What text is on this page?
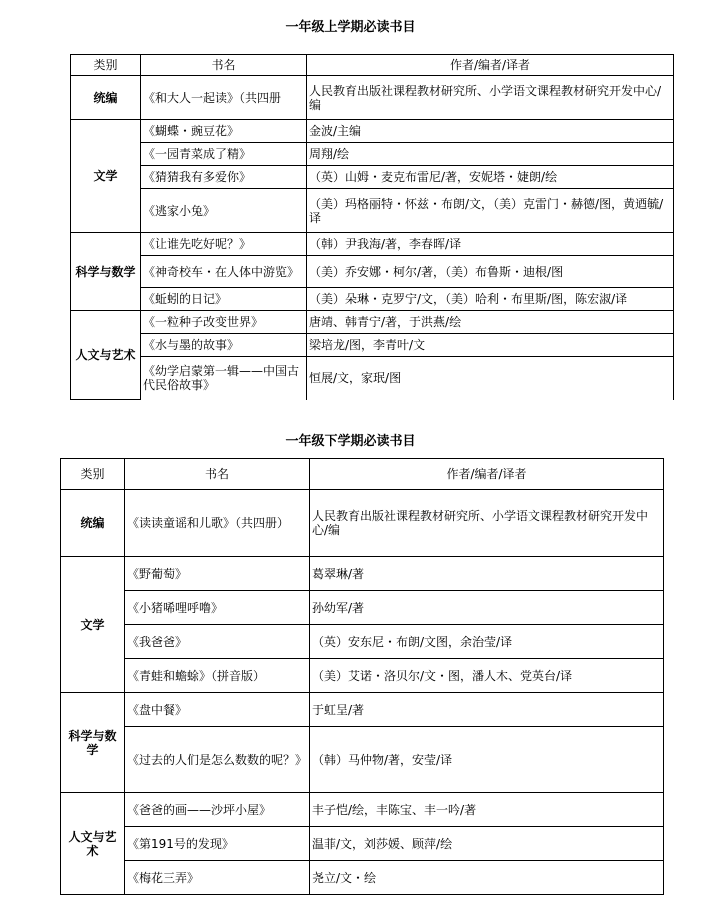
一年级上学期必读书目
类别	书名	作者/编者/译者
统编	《和大人一起读》（共四册	人民教育出版社课程教材研究所、小学语文课程教材研究开发中心/编
文学	《蝴蝶・豌豆花》	金波/主编
	《一园青菜成了精》	周翔/绘
	《猜猜我有多爱你》	（英）山姆・麦克布雷尼/著，安妮塔・婕朗/绘
	《逃家小兔》	（美）玛格丽特・怀兹・布朗/文，（美）克雷门・赫德/图，黄迺毓/译
科学与数学	《让谁先吃好呢？》	（韩）尹我海/著，李春晖/译
	《神奇校车・在人体中游览》	（美）乔安娜・柯尔/著，（美）布鲁斯・迪根/图
	《蚯蚓的日记》	（美）朵琳・克罗宁/文，（美）哈利・布里斯/图，陈宏淑/译
人文与艺术	《一粒种子改变世界》	唐靖、韩青宁/著，于洪燕/绘
	《水与墨的故事》	梁培龙/图，李青叶/文
	《幼学启蒙第一辑——中国古代民俗故事》	恒展/文，家珉/图
一年级下学期必读书目
类别	书名	作者/编者/译者
统编	《读读童谣和儿歌》（共四册）	人民教育出版社课程教材研究所、小学语文课程教材研究开发中心/编
文学	《野葡萄》	葛翠琳/著
	《小猪唏哩呼噜》	孙幼军/著
	《我爸爸》	（英）安东尼・布朗/文图，余治莹/译
	《青蛙和蟾蜍》（拼音版）	（美）艾诺・洛贝尔/文・图，潘人木、党英台/译
科学与数学	《盘中餐》	于虹呈/著
	《过去的人们是怎么数数的呢？》	（韩）马仲物/著，安莹/译
人文与艺术	《爸爸的画——沙坪小屋》	丰子恺/绘，丰陈宝、丰一吟/著
	《第191号的发现》	温菲/文，刘莎媛、顾萍/绘
	《梅花三弄》	尧立/文・绘
